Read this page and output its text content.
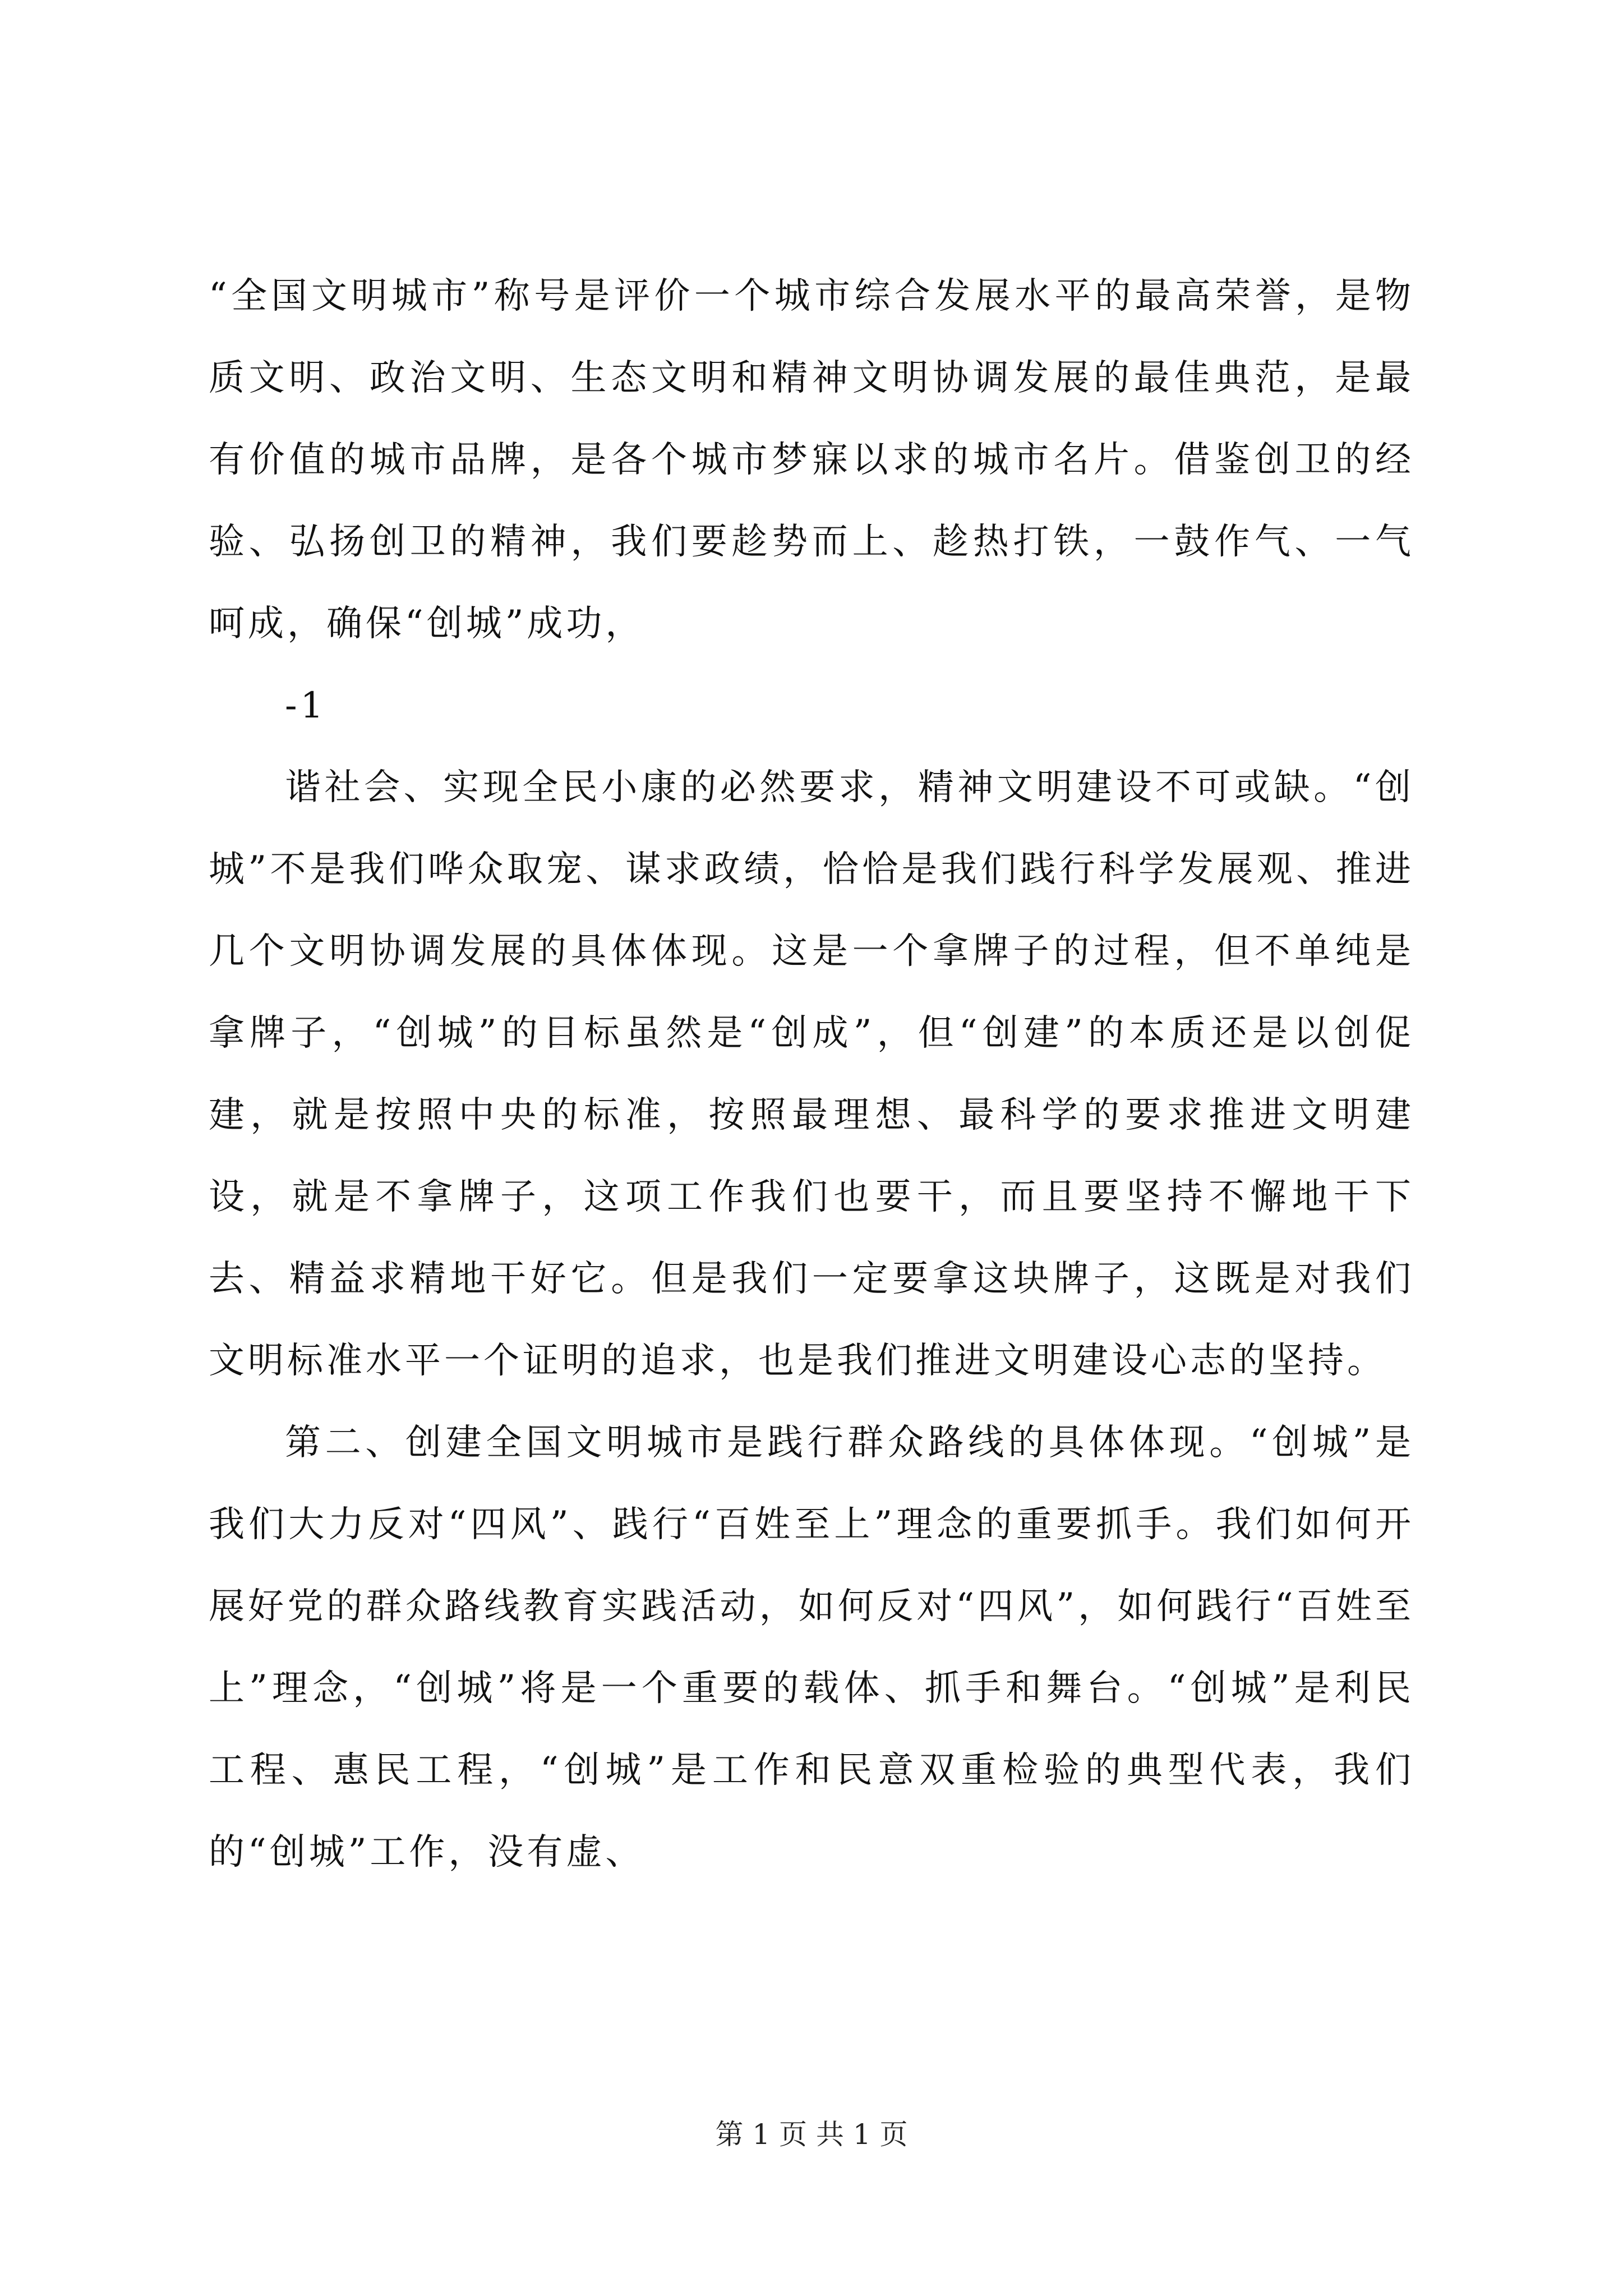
“全国文明城市”称号是评价一个城市综合发展水平的最高荣誉，是物质文明、政治文明、生态文明和精神文明协调发展的最佳典范，是最有价值的城市品牌，是各个城市梦寐以求的城市名片。借鉴创卫的经验、弘扬创卫的精神，我们要趁势而上、趁热打铁，一鼓作气、一气呵成，确保“创城”成功，

-1

谐社会、实现全民小康的必然要求，精神文明建设不可或缺。“创城”不是我们哗众取宠、谋求政绩，恰恰是我们践行科学发展观、推进几个文明协调发展的具体体现。这是一个拿牌子的过程，但不单纯是拿牌子，“创城”的目标虽然是“创成”，但“创建”的本质还是以创促建，就是按照中央的标准，按照最理想、最科学的要求推进文明建设，就是不拿牌子，这项工作我们也要干，而且要坚持不懈地干下去、精益求精地干好它。但是我们一定要拿这块牌子，这既是对我们文明标准水平一个证明的追求，也是我们推进文明建设心志的坚持。

第二、创建全国文明城市是践行群众路线的具体体现。“创城”是我们大力反对“四风”、践行“百姓至上”理念的重要抓手。我们如何开展好党的群众路线教育实践活动，如何反对“四风”，如何践行“百姓至上”理念，“创城”将是一个重要的载体、抓手和舞台。“创城”是利民工程、惠民工程，“创城”是工作和民意双重检验的典型代表，我们的“创城”工作，没有虚、

第 1 页 共 1 页
